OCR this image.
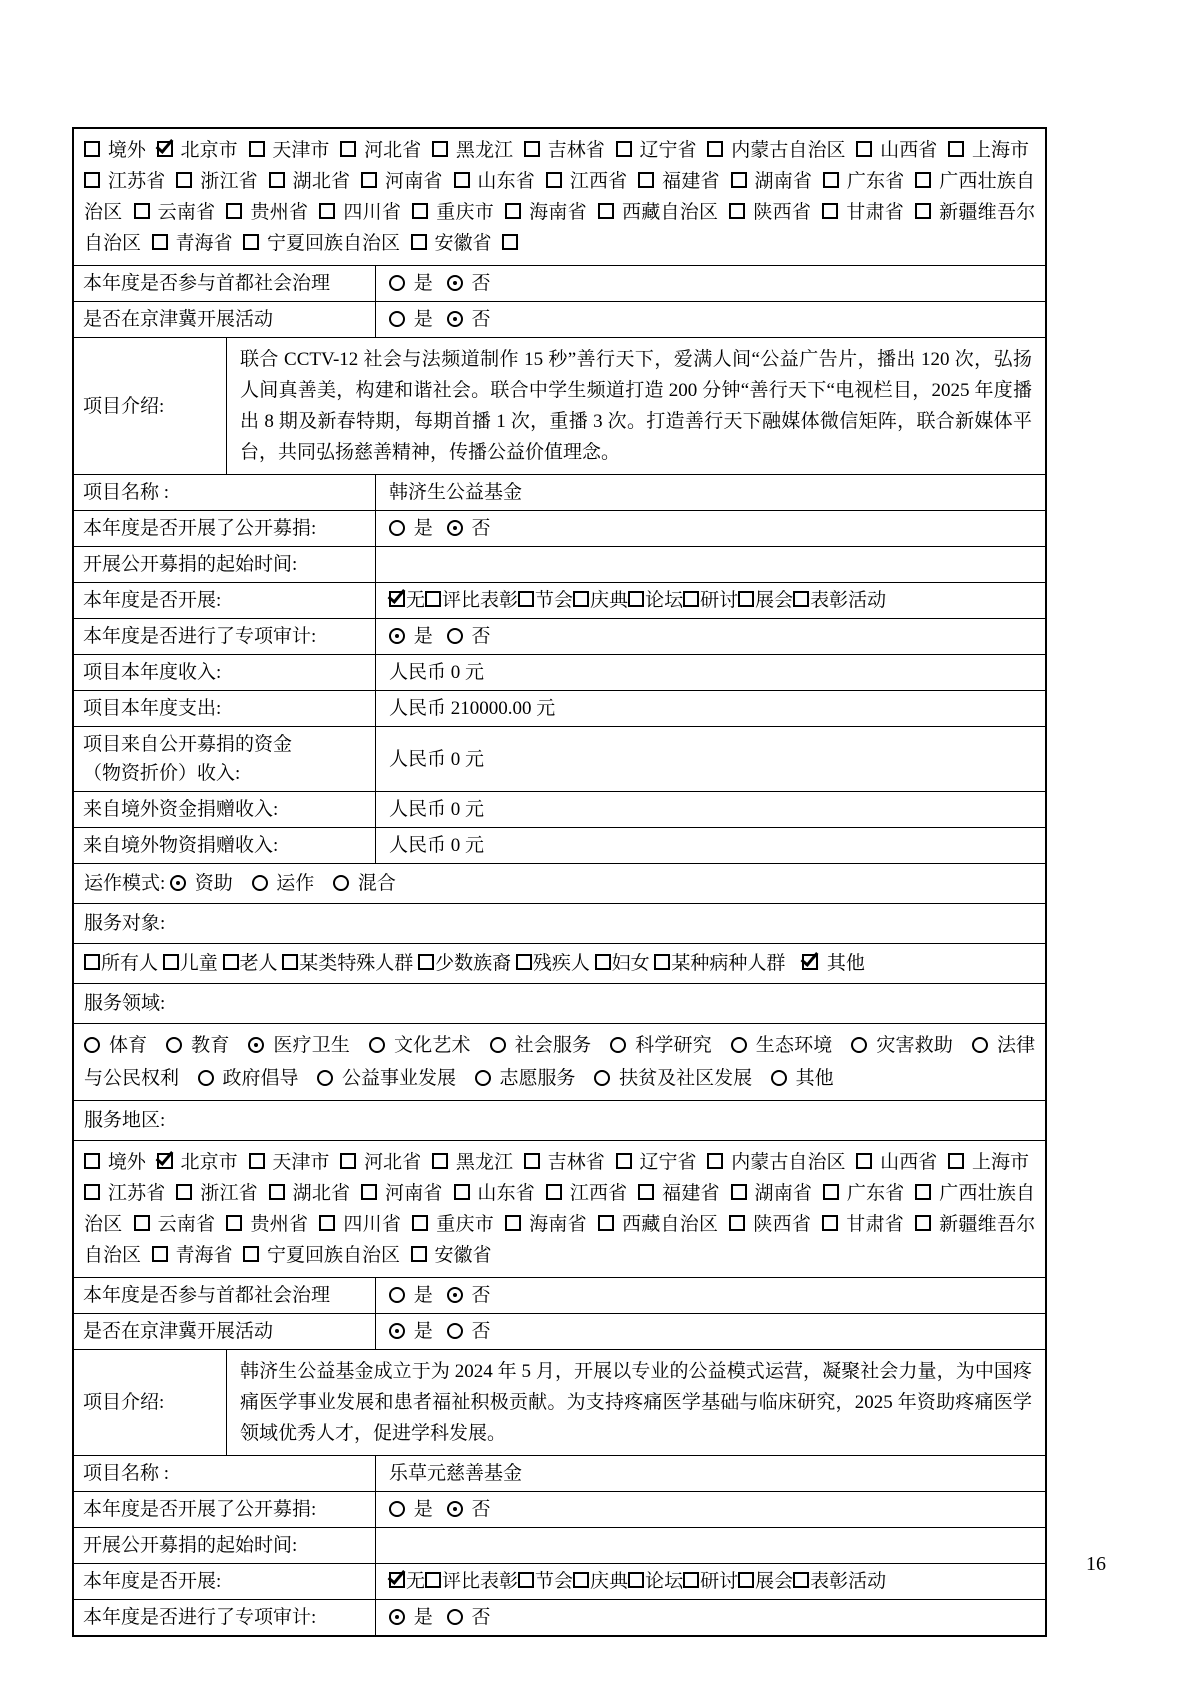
境外 北京市 天津市 河北省 黑龙江 吉林省 辽宁省 内蒙古自治区 山西省 上海市  江苏省 浙江省 湖北省 河南省 山东省 江西省 福建省 湖南省 广东省 广西壮族自治区 云南省 贵州省 四川省 重庆市 海南省 西藏自治区 陕西省 甘肃省 新疆维吾尔自治区 青海省 宁夏回族自治区 安徽省
本年度是否参与首都社会治理	是	否
是否在京津冀开展活动	是	否
项目介绍:
联合 CCTV-12 社会与法频道制作 15 秒”善行天下，爱满人间“公益广告片，播出 120 次，弘扬人间真善美，构建和谐社会。联合中学生频道打造 200 分钟“善行天下“电视栏目，2025 年度播出 8 期及新春特期，每期首播 1 次，重播 3 次。打造善行天下融媒体微信矩阵，联合新媒体平台，共同弘扬慈善精神，传播公益价值理念。
项目名称 :	韩济生公益基金
本年度是否开展了公开募捐:	是	否
开展公开募捐的起始时间:
本年度是否开展:	无 评比表彰 节会 庆典 论坛 研讨 展会 表彰活动
本年度是否进行了专项审计:	是	否
项目本年度收入:	人民币 0 元
项目本年度支出:	人民币 210000.00 元
项目来自公开募捐的资金
（物资折价）收入:
人民币 0 元
来自境外资金捐赠收入:	人民币 0 元
来自境外物资捐赠收入:	人民币 0 元
运作模式: 资助 运作 混合
服务对象:
所有人 儿童 老人 某类特殊人群 少数族裔 残疾人 妇女 某种病种人群 其他
服务领域:
体育 教育 医疗卫生 文化艺术 社会服务 科学研究 生态环境 灾害救助 法律与公民权利 政府倡导 公益事业发展 志愿服务 扶贫及社区发展 其他
服务地区:
境外 北京市 天津市 河北省 黑龙江 吉林省 辽宁省 内蒙古自治区 山西省 上海市  江苏省 浙江省 湖北省 河南省 山东省 江西省 福建省 湖南省 广东省 广西壮族自治区 云南省 贵州省 四川省 重庆市 海南省 西藏自治区 陕西省 甘肃省 新疆维吾尔自治区 青海省 宁夏回族自治区 安徽省
本年度是否参与首都社会治理	是	否
是否在京津冀开展活动	是	否
项目介绍:
韩济生公益基金成立于为 2024 年 5 月，开展以专业的公益模式运营，凝聚社会力量，为中国疼痛医学事业发展和患者福祉积极贡献。为支持疼痛医学基础与临床研究，2025 年资助疼痛医学领域优秀人才，促进学科发展。
项目名称 :	乐草元慈善基金
本年度是否开展了公开募捐:	是	否
开展公开募捐的起始时间:
本年度是否开展:	无 评比表彰 节会 庆典 论坛 研讨 展会 表彰活动
本年度是否进行了专项审计:	是	否
16
